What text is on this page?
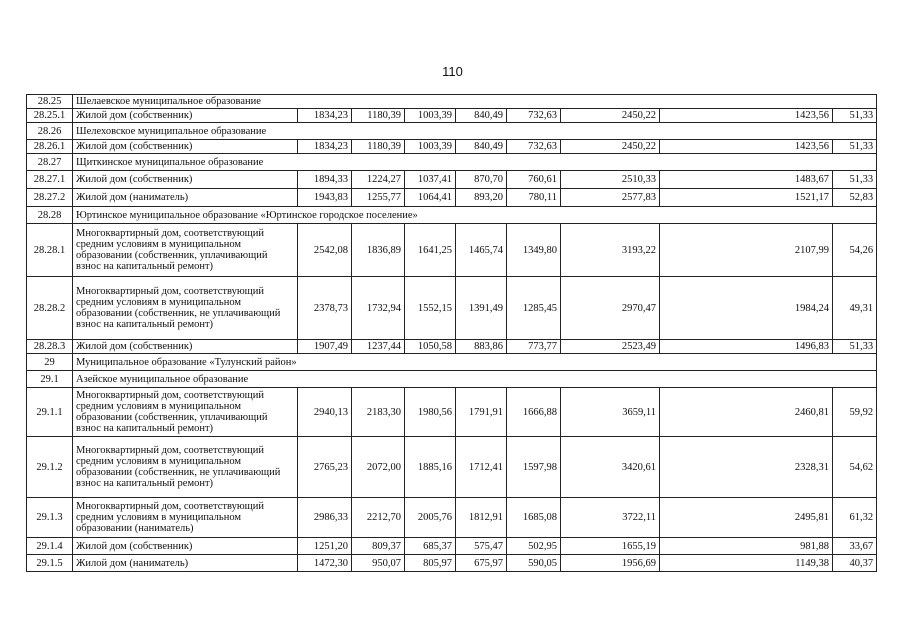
110
28.25	Шелаевское муниципальное образование								
28.25.1	Жилой дом (собственник)	1834,23	1180,39	1003,39	840,49	732,63	2450,22	1423,56	51,33
28.26	Шелеховское муниципальное образование								
28.26.1	Жилой дом (собственник)	1834,23	1180,39	1003,39	840,49	732,63	2450,22	1423,56	51,33
28.27	Щиткинское муниципальное образование								
28.27.1	Жилой дом (собственник)	1894,33	1224,27	1037,41	870,70	760,61	2510,33	1483,67	51,33
28.27.2	Жилой дом (наниматель)	1943,83	1255,77	1064,41	893,20	780,11	2577,83	1521,17	52,83
28.28	Юртинское муниципальное образование «Юртинское городское поселение»								
28.28.1	Многоквартирный дом, соответствующий средним условиям в муниципальном образовании (собственник, уплачивающий взнос на капитальный ремонт)	2542,08	1836,89	1641,25	1465,74	1349,80	3193,22	2107,99	54,26
28.28.2	Многоквартирный дом, соответствующий средним условиям в муниципальном образовании (собственник, не уплачивающий взнос на капитальный ремонт)	2378,73	1732,94	1552,15	1391,49	1285,45	2970,47	1984,24	49,31
28.28.3	Жилой дом (собственник)	1907,49	1237,44	1050,58	883,86	773,77	2523,49	1496,83	51,33
29	Муниципальное образование «Тулунский район»								
29.1	Азейское муниципальное образование								
29.1.1	Многоквартирный дом, соответствующий средним условиям в муниципальном образовании (собственник, уплачивающий взнос на капитальный ремонт)	2940,13	2183,30	1980,56	1791,91	1666,88	3659,11	2460,81	59,92
29.1.2	Многоквартирный дом, соответствующий средним условиям в муниципальном образовании (собственник, не уплачивающий взнос на капитальный ремонт)	2765,23	2072,00	1885,16	1712,41	1597,98	3420,61	2328,31	54,62
29.1.3	Многоквартирный дом, соответствующий средним условиям в муниципальном образовании (наниматель)	2986,33	2212,70	2005,76	1812,91	1685,08	3722,11	2495,81	61,32
29.1.4	Жилой дом (собственник)	1251,20	809,37	685,37	575,47	502,95	1655,19	981,88	33,67
29.1.5	Жилой дом (наниматель)	1472,30	950,07	805,97	675,97	590,05	1956,69	1149,38	40,37
